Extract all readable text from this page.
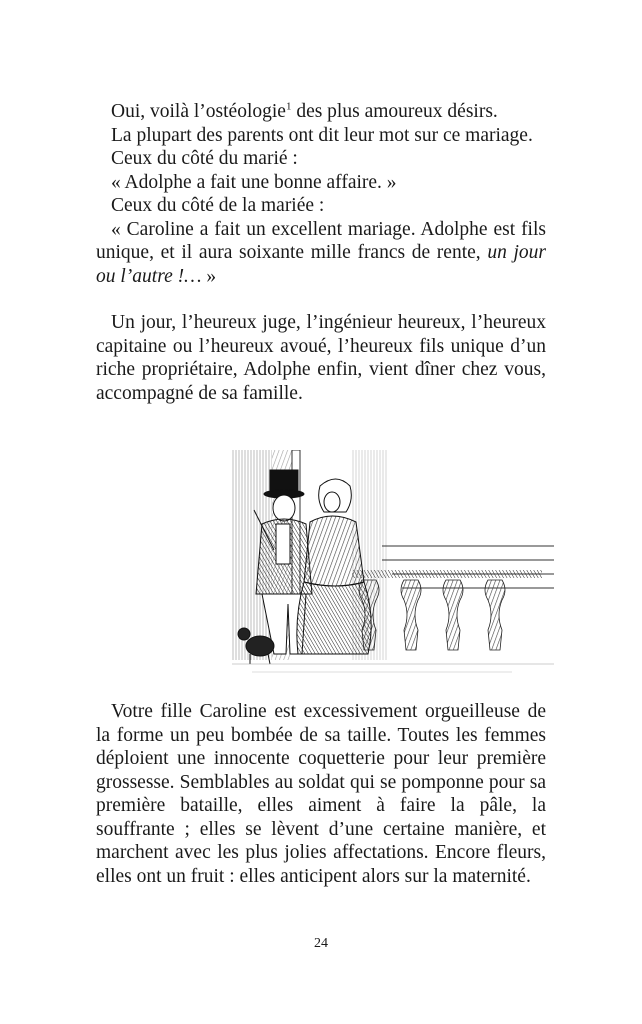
Oui, voilà l’ostéologie$^1$ des plus amoureux désirs.

La plupart des parents ont dit leur mot sur ce mariage.

Ceux du côté du marié :

« Adolphe a fait une bonne affaire. »

Ceux du côté de la mariée :

« Caroline a fait un excellent mariage. Adolphe est fils unique, et il aura soixante mille francs de rente, un jour ou l’autre !… »

Un jour, l’heureux juge, l’ingénieur heureux, l’heureux capitaine ou l’heureux avoué, l’heureux fils unique d’un riche propriétaire, Adolphe enfin, vient dîner chez vous, accompagné de sa famille.

Votre fille Caroline est excessivement orgueilleuse de la forme un peu bombée de sa taille. Toutes les femmes déploient une innocente coquetterie pour leur première grossesse. Semblables au soldat qui se pomponne pour sa première bataille, elles aiment à faire la pâle, la souffrante ; elles se lèvent d’une certaine manière, et marchent avec les plus jolies affectations. Encore fleurs, elles ont un fruit : elles anticipent alors sur la maternité.

24
